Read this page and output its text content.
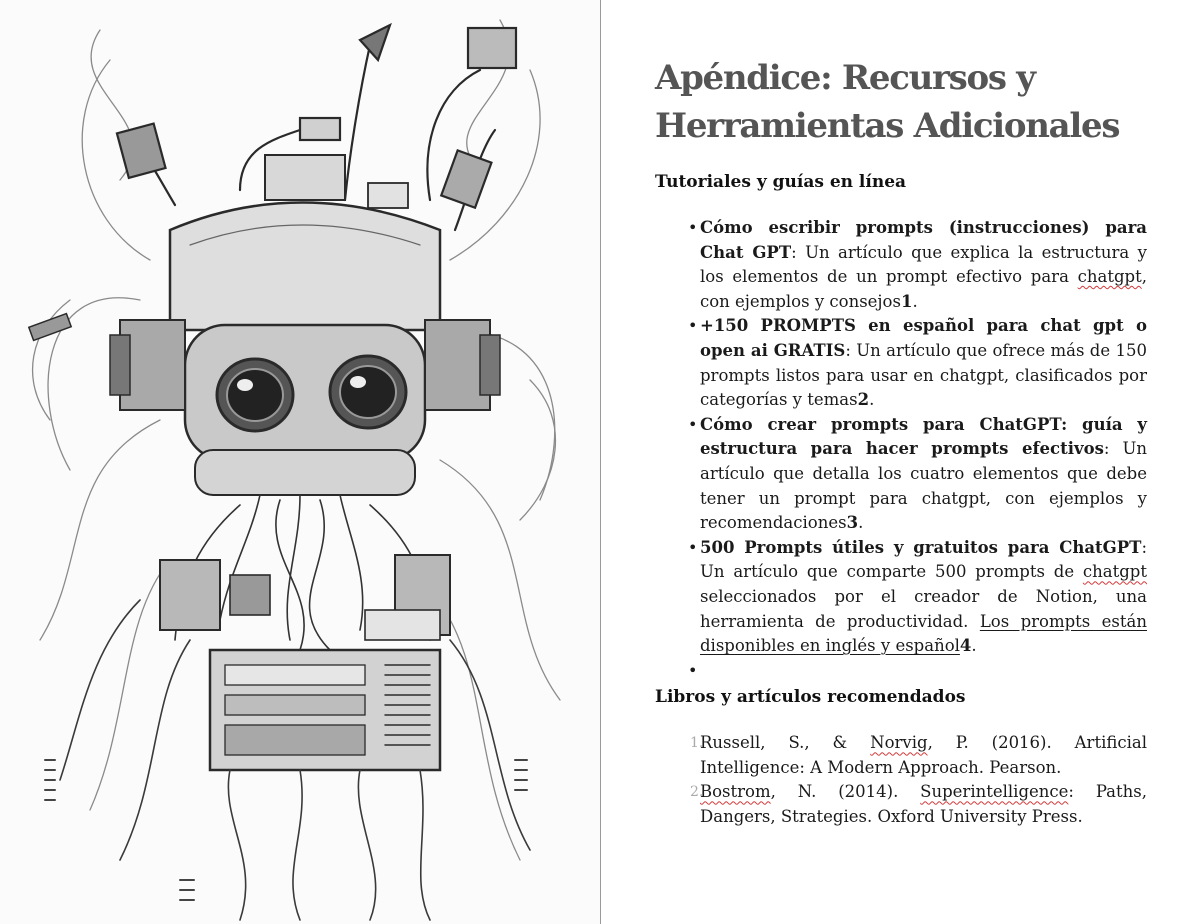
Apéndice: Recursos y Herramientas Adicionales
Tutoriales y guías en línea
• Cómo escribir prompts (instrucciones) para Chat GPT: Un artículo que explica la estructura y los elementos de un prompt efectivo para chatgpt, con ejemplos y consejos1.
• +150 PROMPTS en español para chat gpt o open ai GRATIS: Un artículo que ofrece más de 150 prompts listos para usar en chatgpt, clasificados por categorías y temas2.
• Cómo crear prompts para ChatGPT: guía y estructura para hacer prompts efectivos: Un artículo que detalla los cuatro elementos que debe tener un prompt para chatgpt, con ejemplos y recomendaciones3.
• 500 Prompts útiles y gratuitos para ChatGPT: Un artículo que comparte 500 prompts de chatgpt seleccionados por el creador de Notion, una herramienta de productividad. Los prompts están disponibles en inglés y español4.
•
Libros y artículos recomendados
1.
Russell, S., & Norvig, P. (2016). Artificial Intelligence: A Modern Approach. Pearson.
2.
Bostrom, N. (2014). Superintelligence: Paths, Dangers, Strategies. Oxford University Press.
